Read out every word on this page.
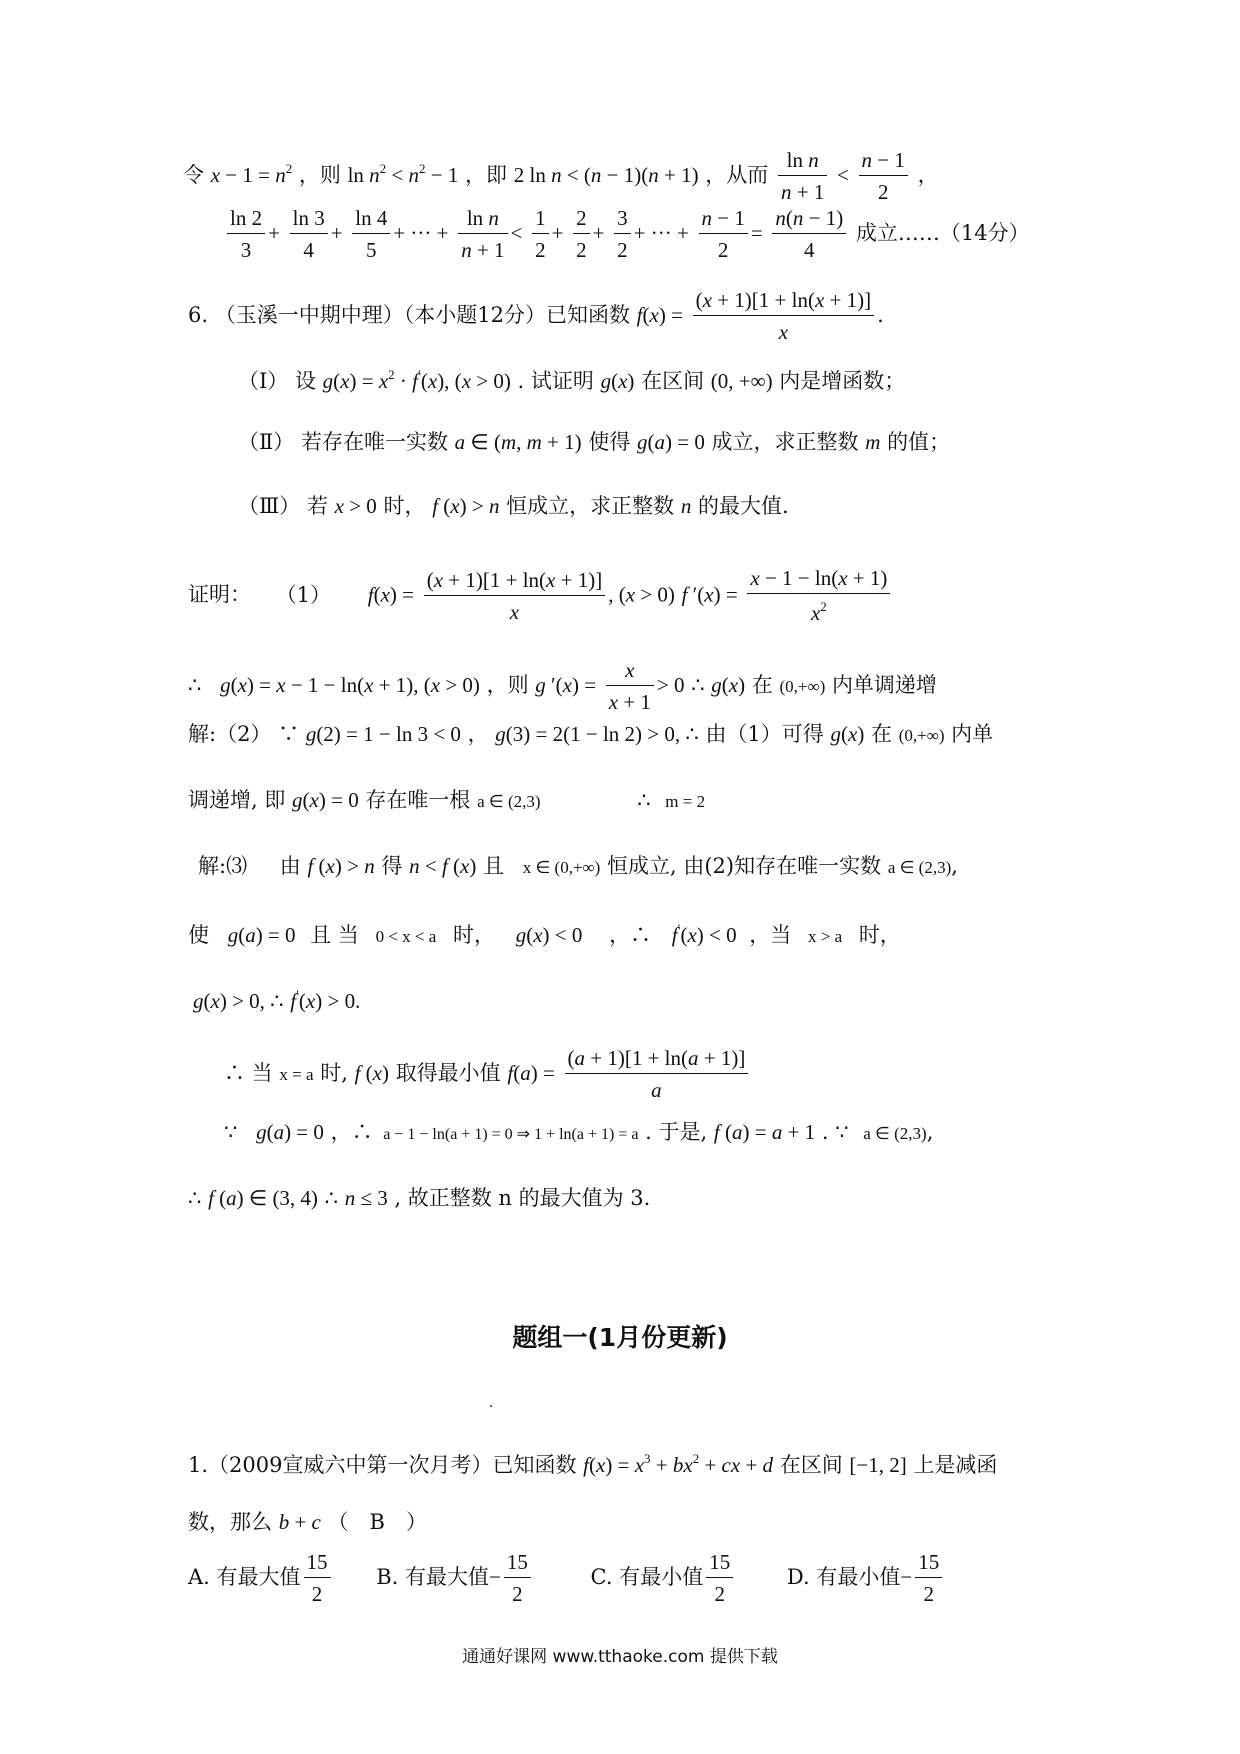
令 $x - 1 = n^2$ ，则 $\ln n^2 < n^2 - 1$ ，即 2 ln n < (n − 1)(n + 1) ，从而 $\frac{\text{ln n}}{n + 1} < \frac{n - 1}{2}$ ，
$\frac{\ln 2}{3} + \frac{\ln 3}{4} + \frac{\ln 4}{5}$ + ··· + $\frac{\text{ln n}}{n + 1} < \frac{1}{2} + \frac{2}{2} + \frac{3}{2}$ + ··· + $\frac{n - 1}{2} = \frac{n(n - 1)}{4}$ 成立……（14分）
6. （玉溪一中期中理）（本小题12分）已知函数 $f(x) = \frac{(x + 1)[1 + \ln(x + 1)]}{x}$ .
（Ⅰ） 设 $g(x) = x^2 \cdot f'(x)$, (x > 0) . 试证明 g(x) 在区间 (0, +∞) 内是增函数；
（Ⅱ） 若存在唯一实数 a ∈ (m, m + 1) 使得 g(a) = 0 成立，求正整数 m 的值；
（Ⅲ） 若 x > 0 时， f (x) > n 恒成立，求正整数 n 的最大值.
证明： （1） $f(x) = \frac{(x + 1)[1 + \ln(x + 1)]}{x}$ , (x > 0) f $'(x) = \frac{x - 1 - \ln(x + 1)}{x^2}$
∴ g(x) = x − 1 − ln(x + 1), (x > 0) ，则 g $'(x) = \frac{x}{x + 1} > 0$ ∴ g(x) 在 (0,+∞) 内单调递增
解:（2） ∵ g(2) = 1 − ln 3 < 0 ， g(3) = 2(1 − ln 2) > 0, ∴ 由（1）可得 g(x) 在 (0,+∞) 内单
调递增, 即 g(x) = 0 存在唯一根 a ∈ (2,3)	∴ m = 2
解:⑶ 由 f (x) > n 得 n < f (x) 且 x ∈ (0,+∞) 恒成立, 由(2)知存在唯一实数 a ∈ (2,3),
使 g(a) = 0 且 当 0 < x < a 时， g(x) < 0 ，∴ f′(x) < 0 ，当 x > a 时，
g(x) > 0, ∴ f′(x) > 0.
∴ 当 x = a 时, f (x) 取得最小值 $f(a) = \frac{(a + 1)[1 + \ln(a + 1)]}{a}$
∵ g(a) = 0 ，∴ a − 1 − ln(a + 1) = 0 ⇒ 1 + ln(a + 1) = a . 于是, f (a) = a + 1 . ∵ a ∈ (2,3),
∴ f (a) ∈ (3, 4) ∴ n ≤ 3 , 故正整数 n 的最大值为 3.
题组一(1月份更新)
1.（2009宣威六中第一次月考）已知函数 $f(x) = x^3 + bx^2$ + cx + d 在区间 [−1, 2] 上是减函
数，那么 b + c （　B　）
A. 有最大值 $\frac{15}{2} B$. 有最大值− $\frac{15}{2}$	C. 有最小值 $\frac{15}{2}$	D. 有最小值− $\frac{15}{2}$
通通好课网 www.tthaoke.com 提供下载
